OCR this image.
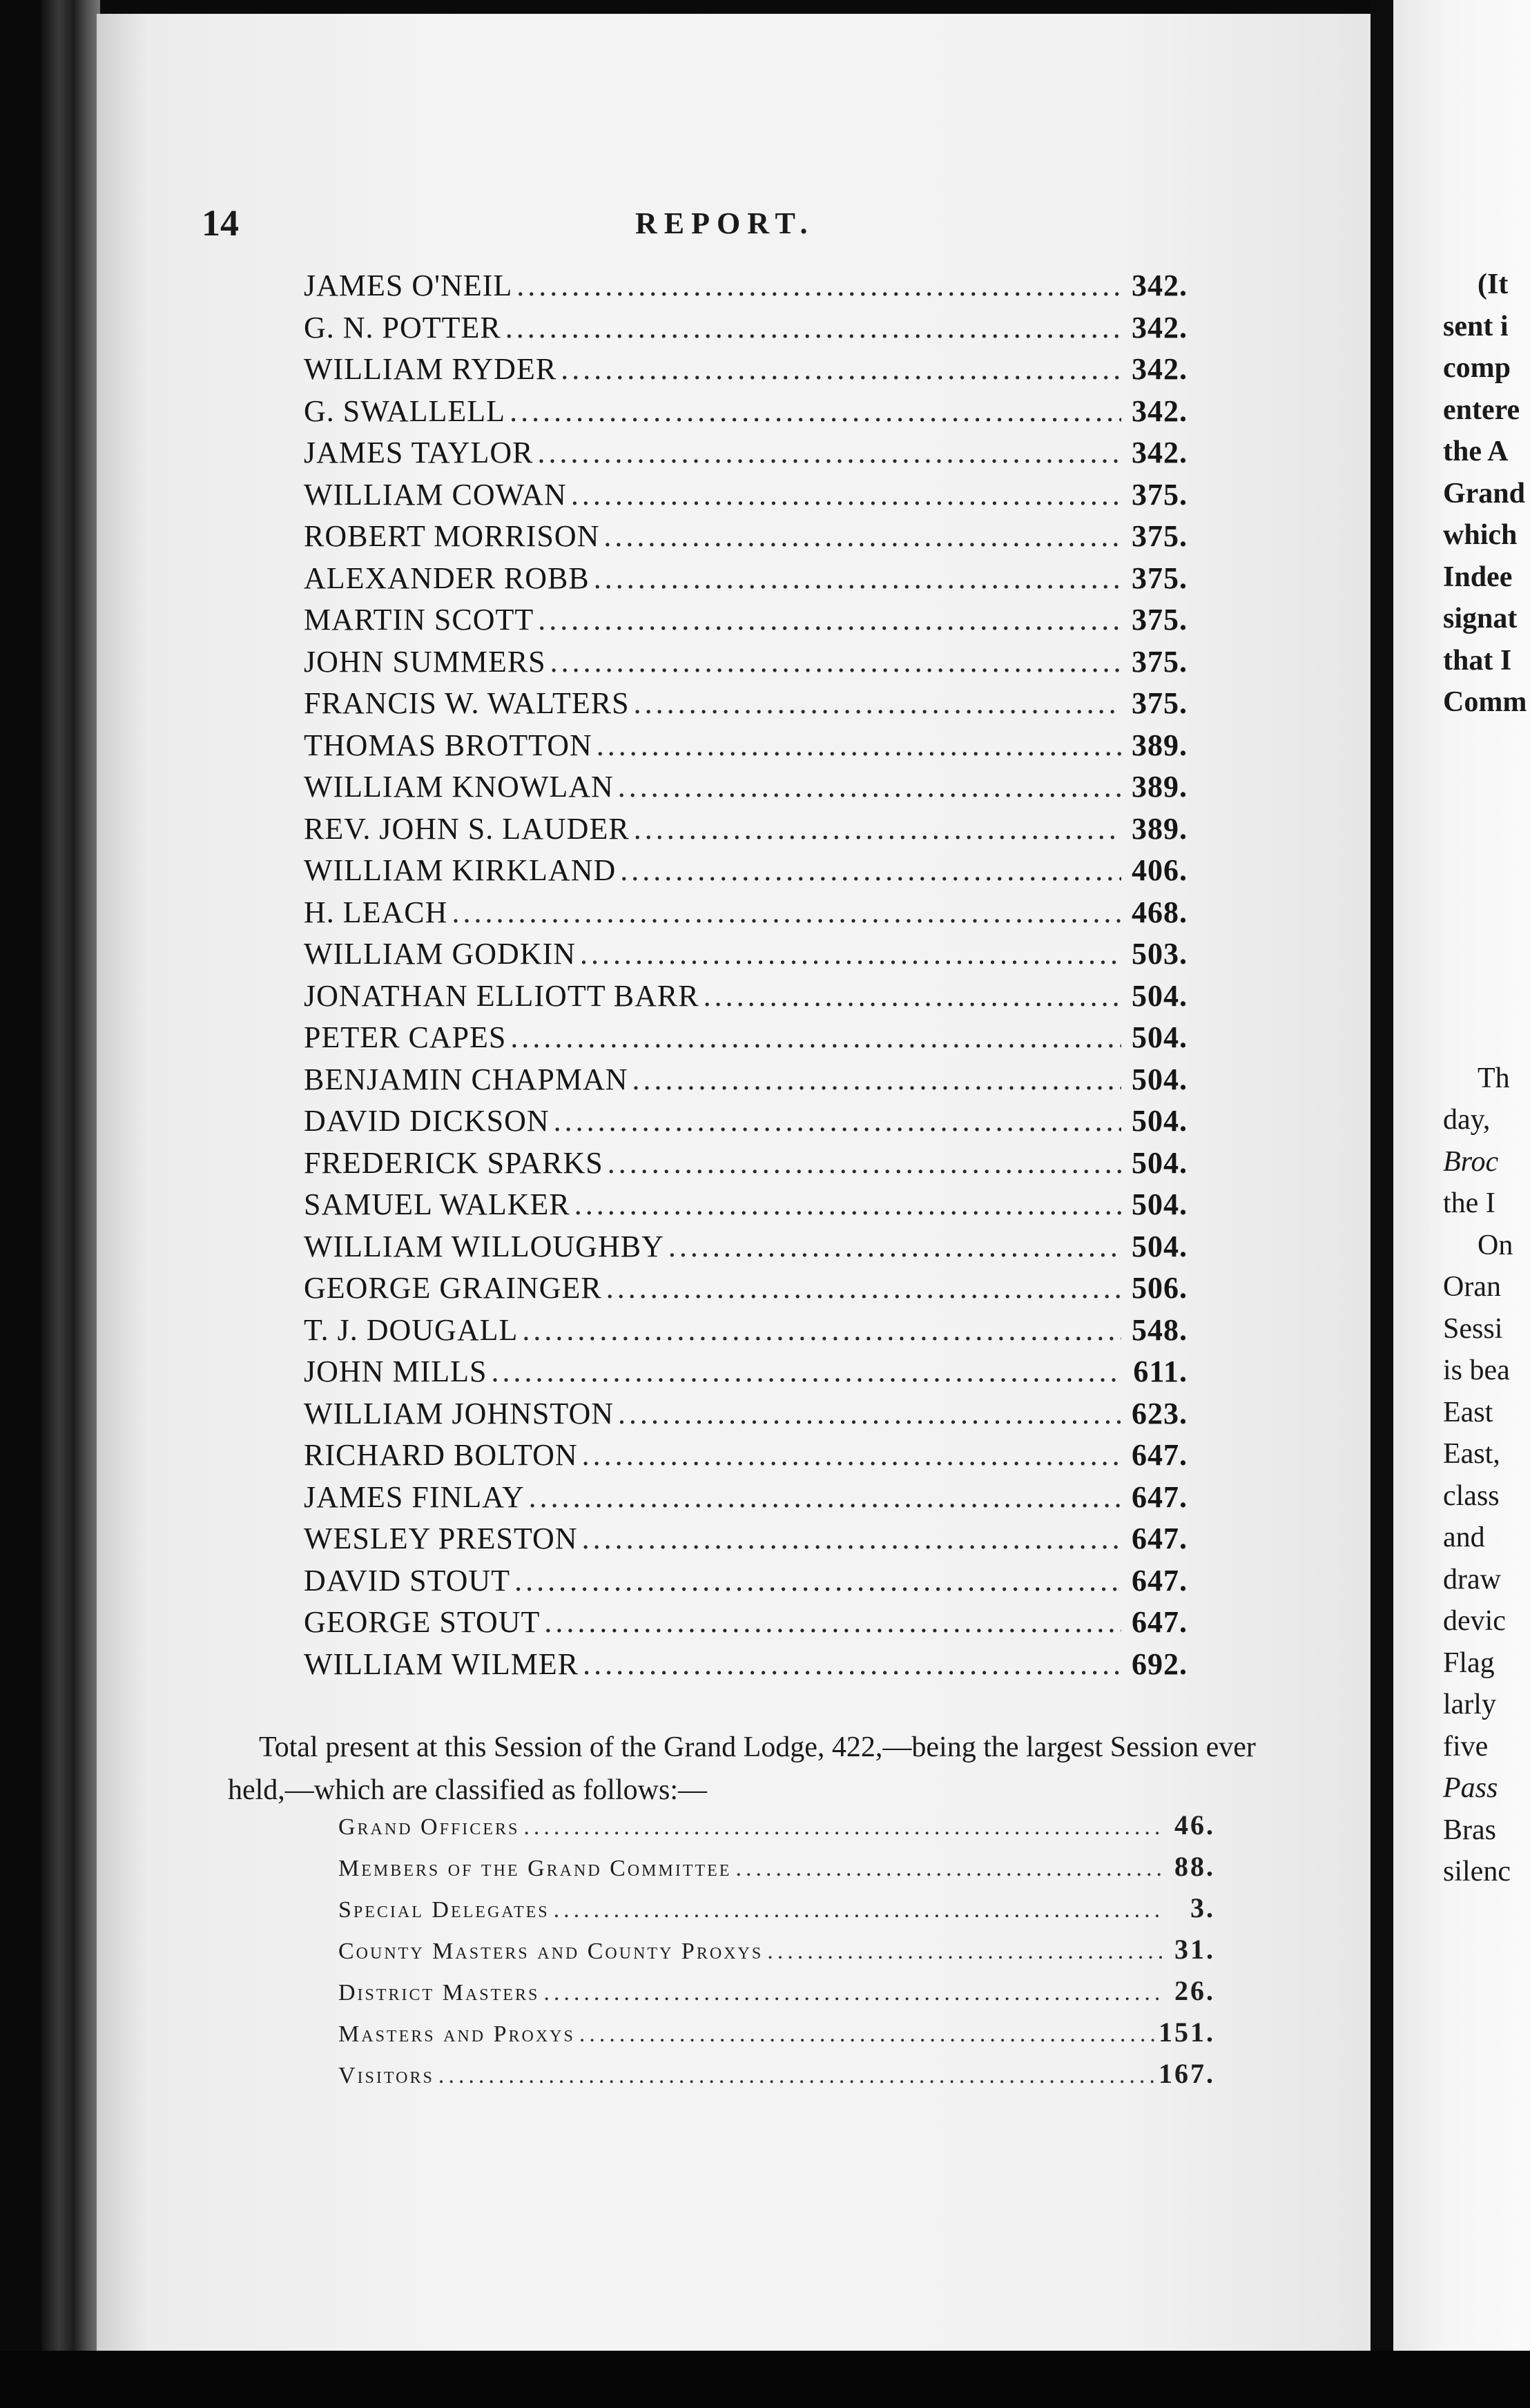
14	REPORT.
JAMES O'NEIL .....	342.
G. N. POTTER .....	342.
WILLIAM RYDER .....	342.
G. SWALLELL .....	342.
JAMES TAYLOR .....	342.
WILLIAM COWAN .....	375.
ROBERT MORRISON .....	375.
ALEXANDER ROBB .....	375.
MARTIN SCOTT .....	375.
JOHN SUMMERS .....	375.
FRANCIS W. WALTERS .....	375.
THOMAS BROTTON .....	389.
WILLIAM KNOWLAN .....	389.
REV. JOHN S. LAUDER .....	389.
WILLIAM KIRKLAND .....	406.
H. LEACH .....	468.
WILLIAM GODKIN .....	503.
JONATHAN ELLIOTT BARR .....	504.
PETER CAPES .....	504.
BENJAMIN CHAPMAN .....	504.
DAVID DICKSON .....	504.
FREDERICK SPARKS .....	504.
SAMUEL WALKER .....	504.
WILLIAM WILLOUGHBY .....	504.
GEORGE GRAINGER .....	506.
T. J. DOUGALL .....	548.
JOHN MILLS .....	611.
WILLIAM JOHNSTON .....	623.
RICHARD BOLTON .....	647.
JAMES FINLAY .....	647.
WESLEY PRESTON .....	647.
DAVID STOUT .....	647.
GEORGE STOUT .....	647.
WILLIAM WILMER .....	692.

Total present at this Session of the Grand Lodge, 422,—being the largest Session ever held,—which are classified as follows:—

Grand Officers .....	46.
Members of the Grand Committee .....	88.
Special Delegates .....	3.
County Masters and County Proxys .....	31.
District Masters .....	26.
Masters and Proxys .....	151.
Visitors .....	167.
(It
sent i
comp
entere
the A
Grand
which
Indee
signat
that I
Comm
Th
day,
Broc
the I
On
Oran
Sessi
is bea
East
East,
class
and
draw
devic
Flag
larly
five
Pass
Bras
silenc
